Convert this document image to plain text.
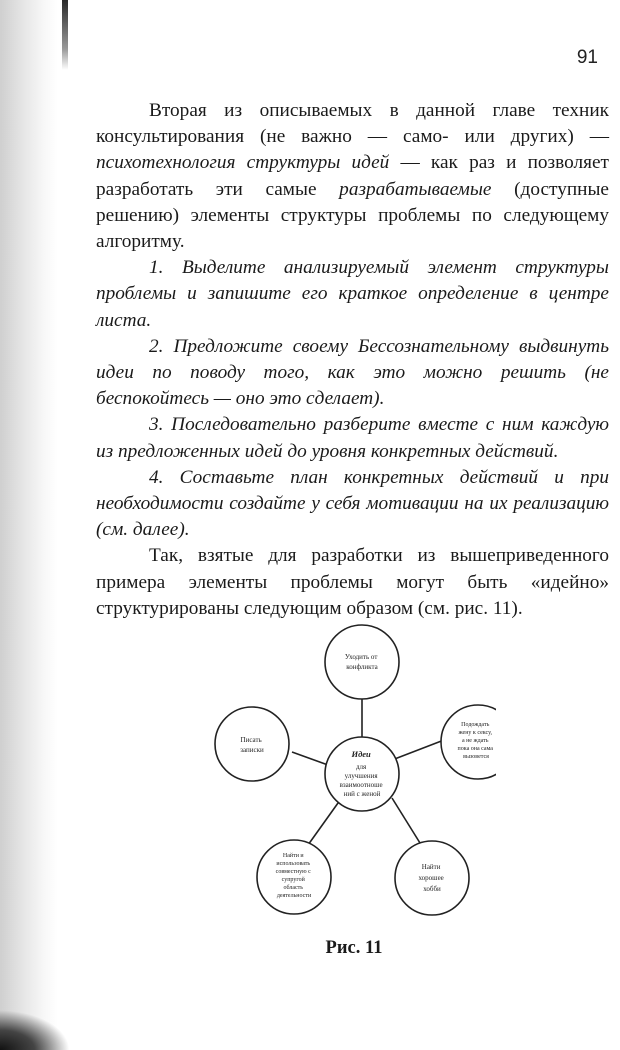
91

Вторая из описываемых в данной главе техник консультирования (не важно — само- или других) — психотехнология структуры идей — как раз и позволяет разработать эти самые разрабатываемые (доступные решению) элементы структуры проблемы по следующему алгоритму.

1. Выделите анализируемый элемент структуры проблемы и запишите его краткое определение в центре листа.

2. Предложите своему Бессознательному выдвинуть идеи по поводу того, как это можно решить (не беспокойтесь — оно это сделает).

3. Последовательно разберите вместе с ним каждую из предложенных идей до уровня конкретных действий.

4. Составьте план конкретных действий и при необходимости создайте у себя мотивации на их реализацию (см. далее).

Так, взятые для разработки из вышеприведенного примера элементы проблемы могут быть «идейно» структурированы следующим образом (см. рис. 11).

Идеи для улучшения взаимоотноше ний с женой
Уходить от конфликта
Подождать жену к сексу, а не ждать пока она сама вызовется
Найти хорошее хобби
Найти и использовать совместную с супругой область деятельности
Писать записки
Рис. 11
